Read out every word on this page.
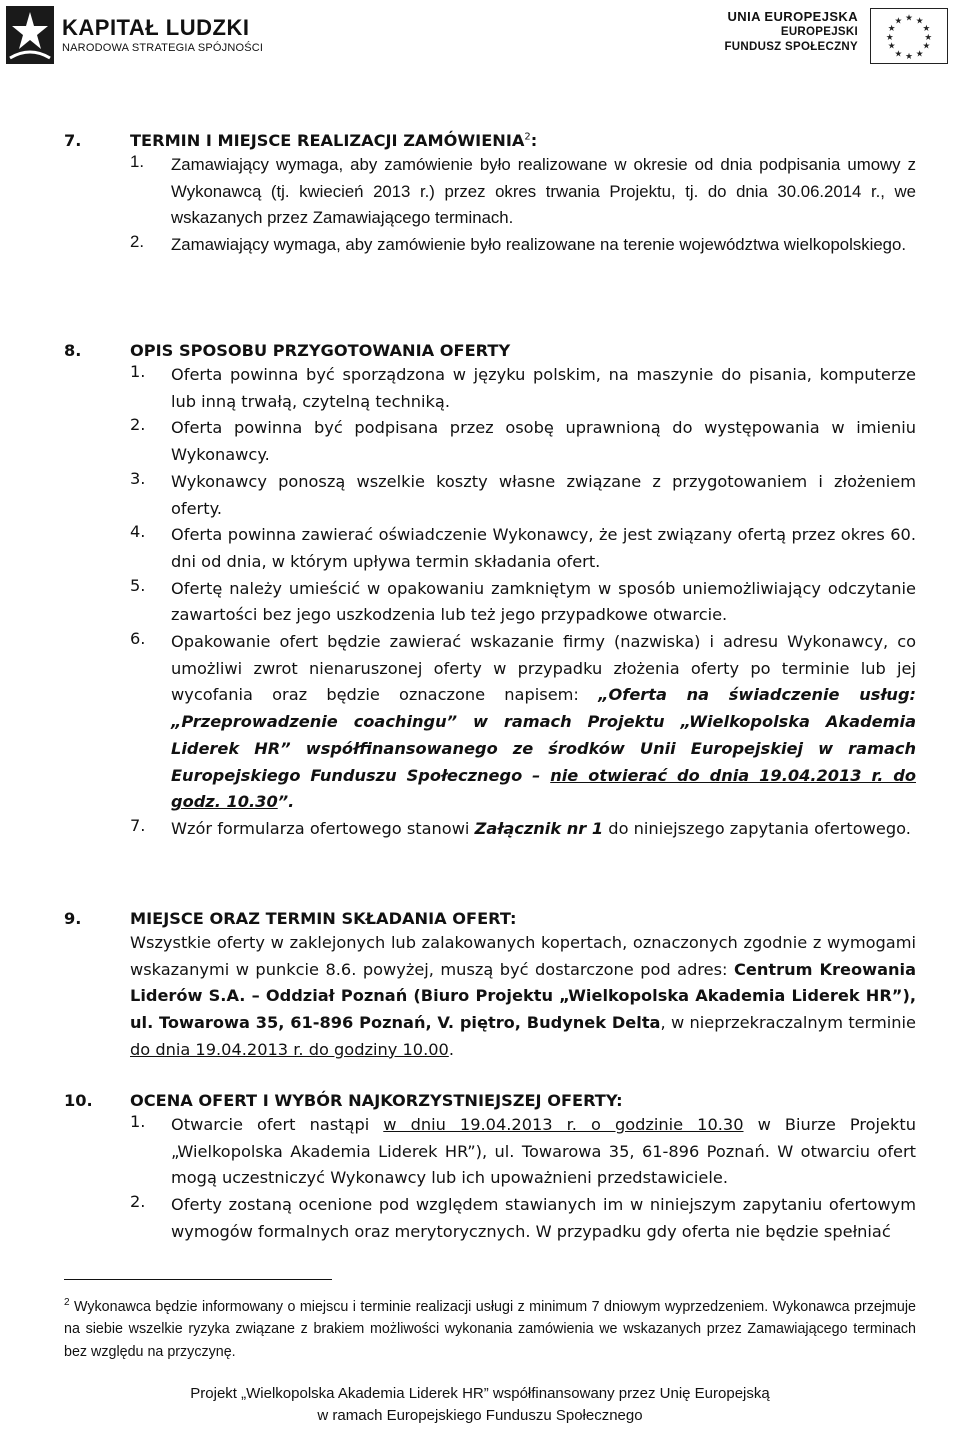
KAPITAŁ LUDZKI
NARODOWA STRATEGIA SPÓJNOŚCI
UNIA EUROPEJSKA
EUROPEJSKI
FUNDUSZ SPOŁECZNY
★ ★
★
★
★
★
★
★
★
★
★
★
7.	TERMIN I MIEJSCE REALIZACJI ZAMÓWIENIA$^2$:
1.	Zamawiający wymaga, aby zamówienie było realizowane w okresie od dnia podpisania umowy z Wykonawcą (tj. kwiecień 2013 r.) przez okres trwania Projektu, tj. do dnia 30.06.2014 r., we wskazanych przez Zamawiającego terminach.
2.	Zamawiający wymaga, aby zamówienie było realizowane na terenie województwa wielkopolskiego.
8.	OPIS SPOSOBU PRZYGOTOWANIA OFERTY
1.	Oferta powinna być sporządzona w języku polskim, na maszynie do pisania, komputerze lub inną trwałą, czytelną techniką.
2.	Oferta powinna być podpisana przez osobę uprawnioną do występowania w imieniu Wykonawcy.
3.	Wykonawcy ponoszą wszelkie koszty własne związane z przygotowaniem i złożeniem oferty.
4.	Oferta powinna zawierać oświadczenie Wykonawcy, że jest związany ofertą przez okres 60. dni od dnia, w którym upływa termin składania ofert.
5.	Ofertę należy umieścić w opakowaniu zamkniętym w sposób uniemożliwiający odczytanie zawartości bez jego uszkodzenia lub też jego przypadkowe otwarcie.
6.	Opakowanie ofert będzie zawierać wskazanie firmy (nazwiska) i adresu Wykonawcy, co umożliwi zwrot nienaruszonej oferty w przypadku złożenia oferty po terminie lub jej wycofania oraz będzie oznaczone napisem: „Oferta na świadczenie usług: „Przeprowadzenie coachingu” w ramach Projektu „Wielkopolska Akademia Liderek HR” współfinansowanego ze środków Unii Europejskiej w ramach Europejskiego Funduszu Społecznego – nie otwierać do dnia 19.04.2013 r. do godz. 10.30”.
7.	Wzór formularza ofertowego stanowi Załącznik nr 1 do niniejszego zapytania ofertowego.
9.	MIEJSCE ORAZ TERMIN SKŁADANIA OFERT:
Wszystkie oferty w zaklejonych lub zalakowanych kopertach, oznaczonych zgodnie z wymogami wskazanymi w punkcie 8.6. powyżej, muszą być dostarczone pod adres: Centrum Kreowania Liderów S.A. – Oddział Poznań (Biuro Projektu „Wielkopolska Akademia Liderek HR”), ul. Towarowa 35, 61-896 Poznań, V. piętro, Budynek Delta, w nieprzekraczalnym terminie do dnia 19.04.2013 r. do godziny 10.00.
10.	OCENA OFERT I WYBÓR NAJKORZYSTNIEJSZEJ OFERTY:
1.	Otwarcie ofert nastąpi w dniu 19.04.2013 r. o godzinie 10.30 w Biurze Projektu „Wielkopolska Akademia Liderek HR”), ul. Towarowa 35, 61-896 Poznań. W otwarciu ofert mogą uczestniczyć Wykonawcy lub ich upoważnieni przedstawiciele.
2.	Oferty zostaną ocenione pod względem stawianych im w niniejszym zapytaniu ofertowym wymogów formalnych oraz merytorycznych. W przypadku gdy oferta nie będzie spełniać
$^2$ Wykonawca będzie informowany o miejscu i terminie realizacji usługi z minimum 7 dniowym wyprzedzeniem. Wykonawca przejmuje na siebie wszelkie ryzyka związane z brakiem możliwości wykonania zamówienia we wskazanych przez Zamawiającego terminach bez względu na przyczynę.
Projekt „Wielkopolska Akademia Liderek HR” współfinansowany przez Unię Europejską
w ramach Europejskiego Funduszu Społecznego
